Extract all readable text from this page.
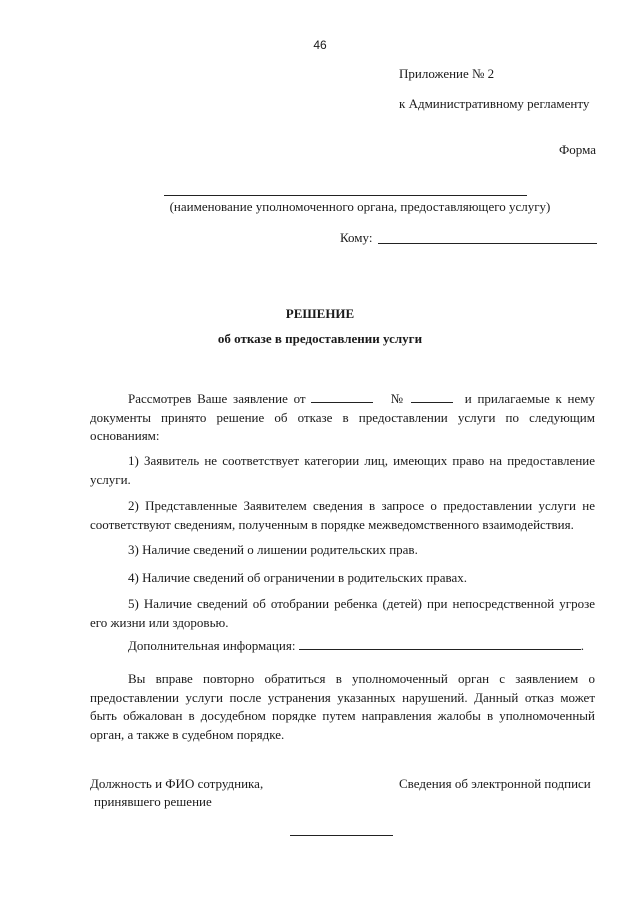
46
Приложение № 2
к Административному регламенту
Форма
(наименование уполномоченного органа, предоставляющего услугу)
Кому:
РЕШЕНИЕ
об отказе в предоставлении услуги
Рассмотрев Ваше заявление от	№	и прилагаемые к нему документы принято решение об отказе в предоставлении услуги по следующим основаниям:
1) Заявитель не соответствует категории лиц, имеющих право на предоставление услуги.
2) Представленные Заявителем сведения в запросе о предоставлении услуги не соответствуют сведениям, полученным в порядке межведомственного взаимодействия.
3) Наличие сведений о лишении родительских прав.
4) Наличие сведений об ограничении в родительских правах.
5) Наличие сведений об отобрании ребенка (детей) при непосредственной угрозе его жизни или здоровью.
Дополнительная информация:	.
Вы вправе повторно обратиться в уполномоченный орган с заявлением о предоставлении услуги после устранения указанных нарушений. Данный отказ может быть обжалован в досудебном порядке путем направления жалобы в уполномоченный орган, а также в судебном порядке.
Должность и ФИО сотрудника,
принявшего решение
Сведения об электронной подписи
